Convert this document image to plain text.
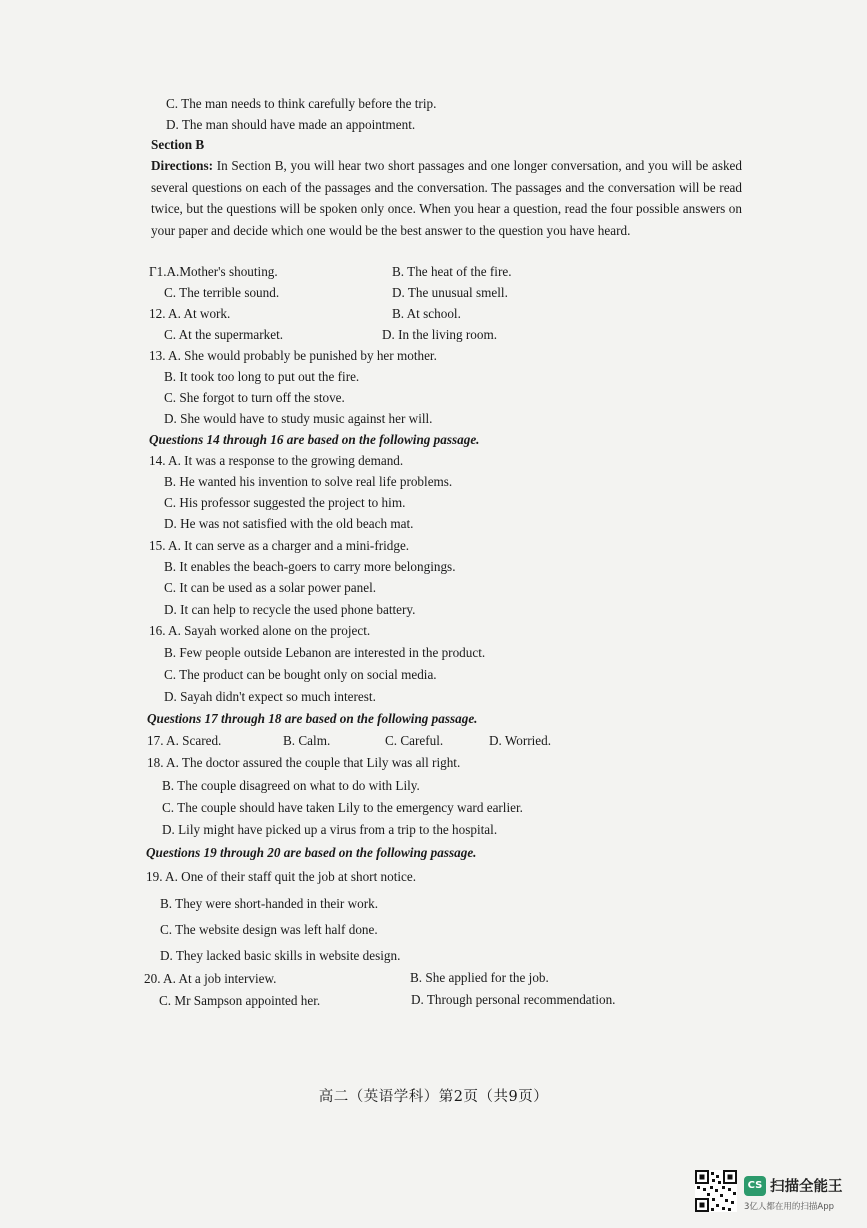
C. The man needs to think carefully before the trip.
D. The man should have made an appointment.
Section B
Directions: In Section B, you will hear two short passages and one longer conversation, and you will be asked several questions on each of the passages and the conversation. The passages and the conversation will be read twice, but the questions will be spoken only once. When you hear a question, read the four possible answers on your paper and decide which one would be the best answer to the question you have heard.
Γ1.A.Mother's shouting.	B. The heat of the fire.
C. The terrible sound.	D. The unusual smell.
12. A. At work.	B. At school.
C. At the supermarket.	D. In the living room.
13. A. She would probably be punished by her mother.
B. It took too long to put out the fire.
C. She forgot to turn off the stove.
D. She would have to study music against her will.
Questions 14 through 16 are based on the following passage.
14. A. It was a response to the growing demand.
B. He wanted his invention to solve real life problems.
C. His professor suggested the project to him.
D. He was not satisfied with the old beach mat.
15. A. It can serve as a charger and a mini-fridge.
B. It enables the beach-goers to carry more belongings.
C. It can be used as a solar power panel.
D. It can help to recycle the used phone battery.
16. A. Sayah worked alone on the project.
B. Few people outside Lebanon are interested in the product.
C. The product can be bought only on social media.
D. Sayah didn't expect so much interest.
Questions 17 through 18 are based on the following passage.
17. A. Scared.	B. Calm.	C. Careful.	D. Worried.
18. A. The doctor assured the couple that Lily was all right.
B. The couple disagreed on what to do with Lily.
C. The couple should have taken Lily to the emergency ward earlier.
D. Lily might have picked up a virus from a trip to the hospital.
Questions 19 through 20 are based on the following passage.
19. A. One of their staff quit the job at short notice.
B. They were short-handed in their work.
C. The website design was left half done.
D. They lacked basic skills in website design.
20. A. At a job interview.	B. She applied for the job.
C. Mr Sampson appointed her.	D. Through personal recommendation.
高二（英语学科）第2页（共9页）
CS 扫描全能王
3亿人都在用的扫描App
